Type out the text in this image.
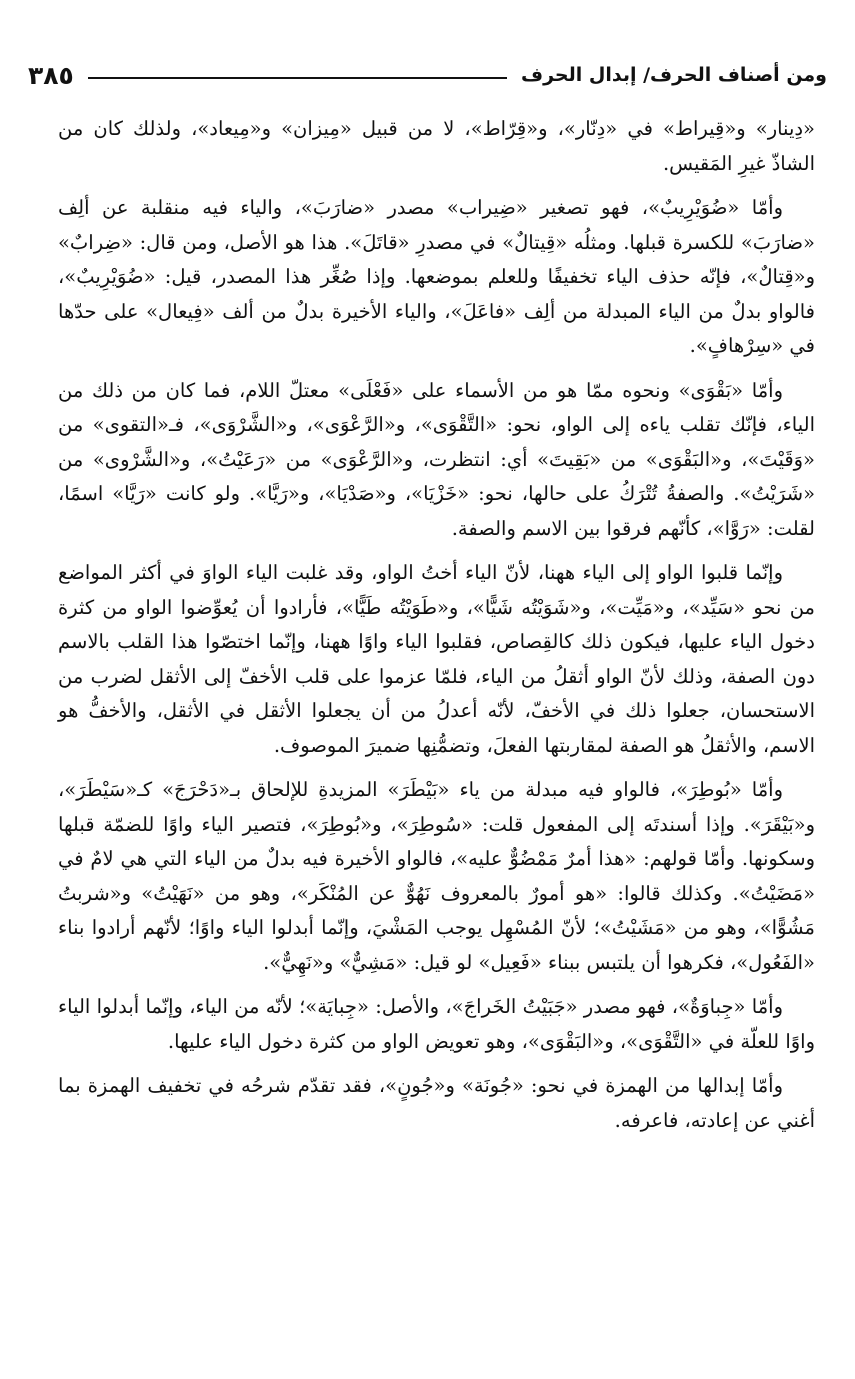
ومن أصناف الحرف/ إبدال الحرف
٣٨٥

«دِينار» و«قِيراط» في «دِنّار»، و«قِرّاط»، لا من قبيل «مِيزان» و«مِيعاد»، ولذلك كان من الشاذّ غيرِ المَقيس.

وأمّا «ضُوَيْرِيبٌ»، فهو تصغير «ضِيراب» مصدر «ضارَبَ»، والياء فيه منقلبة عن ألِف «ضارَبَ» للكسرة قبلها. ومثلُه «قِيتالٌ» في مصدرِ «قاتَلَ». هذا هو الأصل، ومن قال: «ضِرابٌ» و«قِتالٌ»، فإنّه حذف الياء تخفيفًا وللعلم بموضعها. وإذا صُغِّر هذا المصدر، قيل: «ضُوَيْرِيبٌ»، فالواو بدلٌ من الياء المبدلة من ألِف «فاعَلَ»، والياء الأخيرة بدلٌ من ألف «فِيعال» على حدّها في «سِرْهافٍ».

وأمّا «بَقْوَى» ونحوه ممّا هو من الأسماء على «فَعْلَى» معتلّ اللام، فما كان من ذلك من الياء، فإنّك تقلب ياءه إلى الواو، نحو: «التَّقْوَى»، و«الرَّعْوَى»، و«الشَّرْوَى»، فـ«التقوى» من «وَقَيْتَ»، و«البَقْوَى» من «بَقِيتَ» أي: انتظرت، و«الرَّعْوَى» من «رَعَيْتُ»، و«الشَّرْوى» من «شَرَيْتُ». والصفةُ تُتْرَكُ على حالها، نحو: «خَزْيَا»، و«صَدْيَا»، و«رَيَّا». ولو كانت «رَيَّا» اسمًا، لقلت: «رَوَّا»، كأنّهم فرقوا بين الاسم والصفة.

وإنّما قلبوا الواو إلى الياء ههنا، لأنّ الياء أختُ الواو، وقد غلبت الياء الواوَ في أكثر المواضع من نحو «سَيِّد»، و«مَيِّت»، و«شَوَيْتُه شَيًّا»، و«طَوَيْتُه طَيًّا»، فأرادوا أن يُعوِّضوا الواو من كثرة دخول الياء عليها، فيكون ذلك كالقِصاص، فقلبوا الياء واوًا ههنا، وإنّما اختصّوا هذا القلب بالاسم دون الصفة، وذلك لأنّ الواو أثقلُ من الياء، فلمّا عزموا على قلب الأخفّ إلى الأثقل لضرب من الاستحسان، جعلوا ذلك في الأخفّ، لأنّه أعدلُ من أن يجعلوا الأثقل في الأثقل، والأخفُّ هو الاسم، والأثقلُ هو الصفة لمقاربتها الفعلَ، وتضمُّنِها ضميرَ الموصوف.

وأمّا «بُوطِرَ»، فالواو فيه مبدلة من ياء «بَيْطَرَ» المزيدةِ للإلحاق بـ«دَحْرَجَ» كـ«سَيْطَرَ»، و«بَيْقَرَ». وإذا أسندتَه إلى المفعول قلت: «سُوطِرَ»، و«بُوطِرَ»، فتصير الياء واوًا للضمّة قبلها وسكونها. وأمّا قولهم: «هذا أمرٌ مَمْضُوٌّ عليه»، فالواو الأخيرة فيه بدلٌ من الياء التي هي لامٌ في «مَضَيْتُ». وكذلك قالوا: «هو أمورٌ بالمعروف نَهُوٌّ عن المُنْكَر»، وهو من «نَهَيْتُ» و«شربتُ مَشُوًّا»، وهو من «مَشَيْتُ»؛ لأنّ المُسْهِل يوجب المَشْيَ، وإنّما أبدلوا الياء واوًا؛ لأنّهم أرادوا بناء «الفَعُول»، فكرهوا أن يلتبس ببناء «فَعِيل» لو قيل: «مَشِيٌّ» و«نَهِيٌّ».

وأمّا «جِباوَةٌ»، فهو مصدر «جَبَيْتُ الخَراجَ»، والأصل: «جِبايَة»؛ لأنّه من الياء، وإنّما أبدلوا الياء واوًا للعلّة في «التَّقْوَى»، و«البَقْوَى»، وهو تعويض الواو من كثرة دخول الياء عليها.

وأمّا إبدالها من الهمزة في نحو: «جُونَة» و«جُونٍ»، فقد تقدّم شرحُه في تخفيف الهمزة بما أغني عن إعادته، فاعرفه.
